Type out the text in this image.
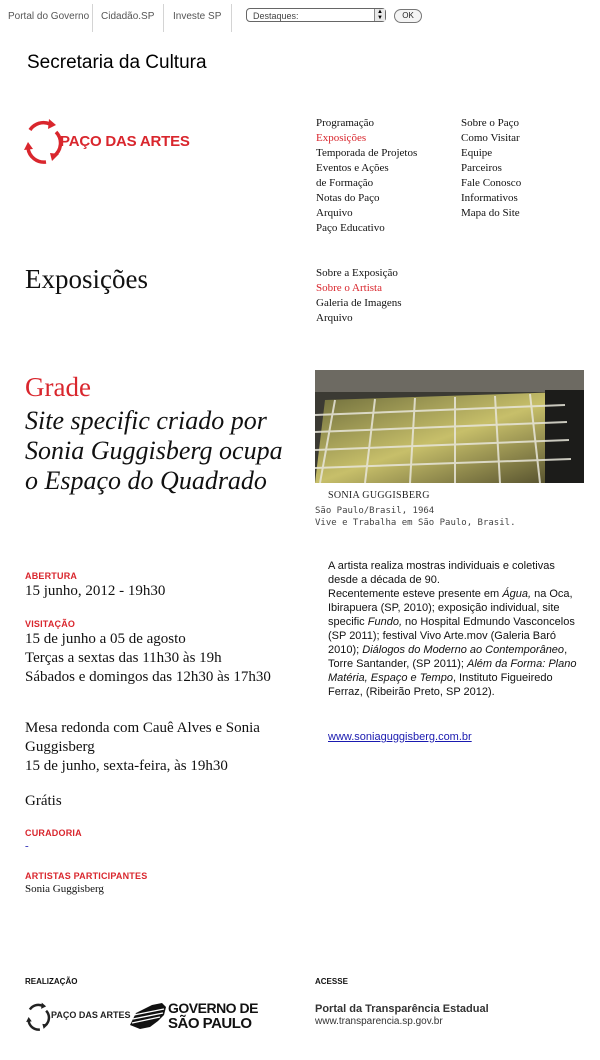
Portal do Governo	Cidadão.SP	Investe SP	Destaques:	▲
▼	OK
Secretaria da Cultura
PAÇO DAS ARTES
Programação
Exposições
Temporada de Projetos
Eventos e Ações
de Formação
Notas do Paço
Arquivo
Paço Educativo
Sobre o Paço
Como Visitar
Equipe
Parceiros
Fale Conosco
Informativos
Mapa do Site
Exposições	Sobre a Exposição
Sobre o Artista
Galeria de Imagens
Arquivo
Grade
Site specific criado por Sonia Guggisberg ocupa o Espaço do Quadrado
ABERTURA
15 junho, 2012 - 19h30
VISITAÇÃO
15 de junho a 05 de agosto
Terças a sextas das 11h30 às 19h
Sábados e domingos das 12h30 às 17h30
Mesa redonda com Cauê Alves e Sonia Guggisberg
15 de junho, sexta-feira, às 19h30
Grátis
CURADORIA
-
ARTISTAS PARTICIPANTES
Sonia Guggisberg
SONIA GUGGISBERG
São Paulo/Brasil, 1964
Vive e Trabalha em São Paulo, Brasil.
A artista realiza mostras individuais e coletivas desde a década de 90.
Recentemente esteve presente em Água, na Oca, Ibirapuera (SP, 2010); exposição individual, site specific Fundo, no Hospital Edmundo Vasconcelos (SP 2011); festival Vivo Arte.mov (Galeria Baró 2010); Diálogos do Moderno ao Contemporâneo, Torre Santander, (SP 2011); Além da Forma: Plano Matéria, Espaço e Tempo, Instituto Figueiredo Ferraz, (Ribeirão Preto, SP 2012).
www.soniaguggisberg.com.br
REALIZAÇÃO	ACESSE
PAÇO DAS ARTES	GOVERNO DE
SÃO PAULO
Portal da Transparência Estadual
www.transparencia.sp.gov.br
